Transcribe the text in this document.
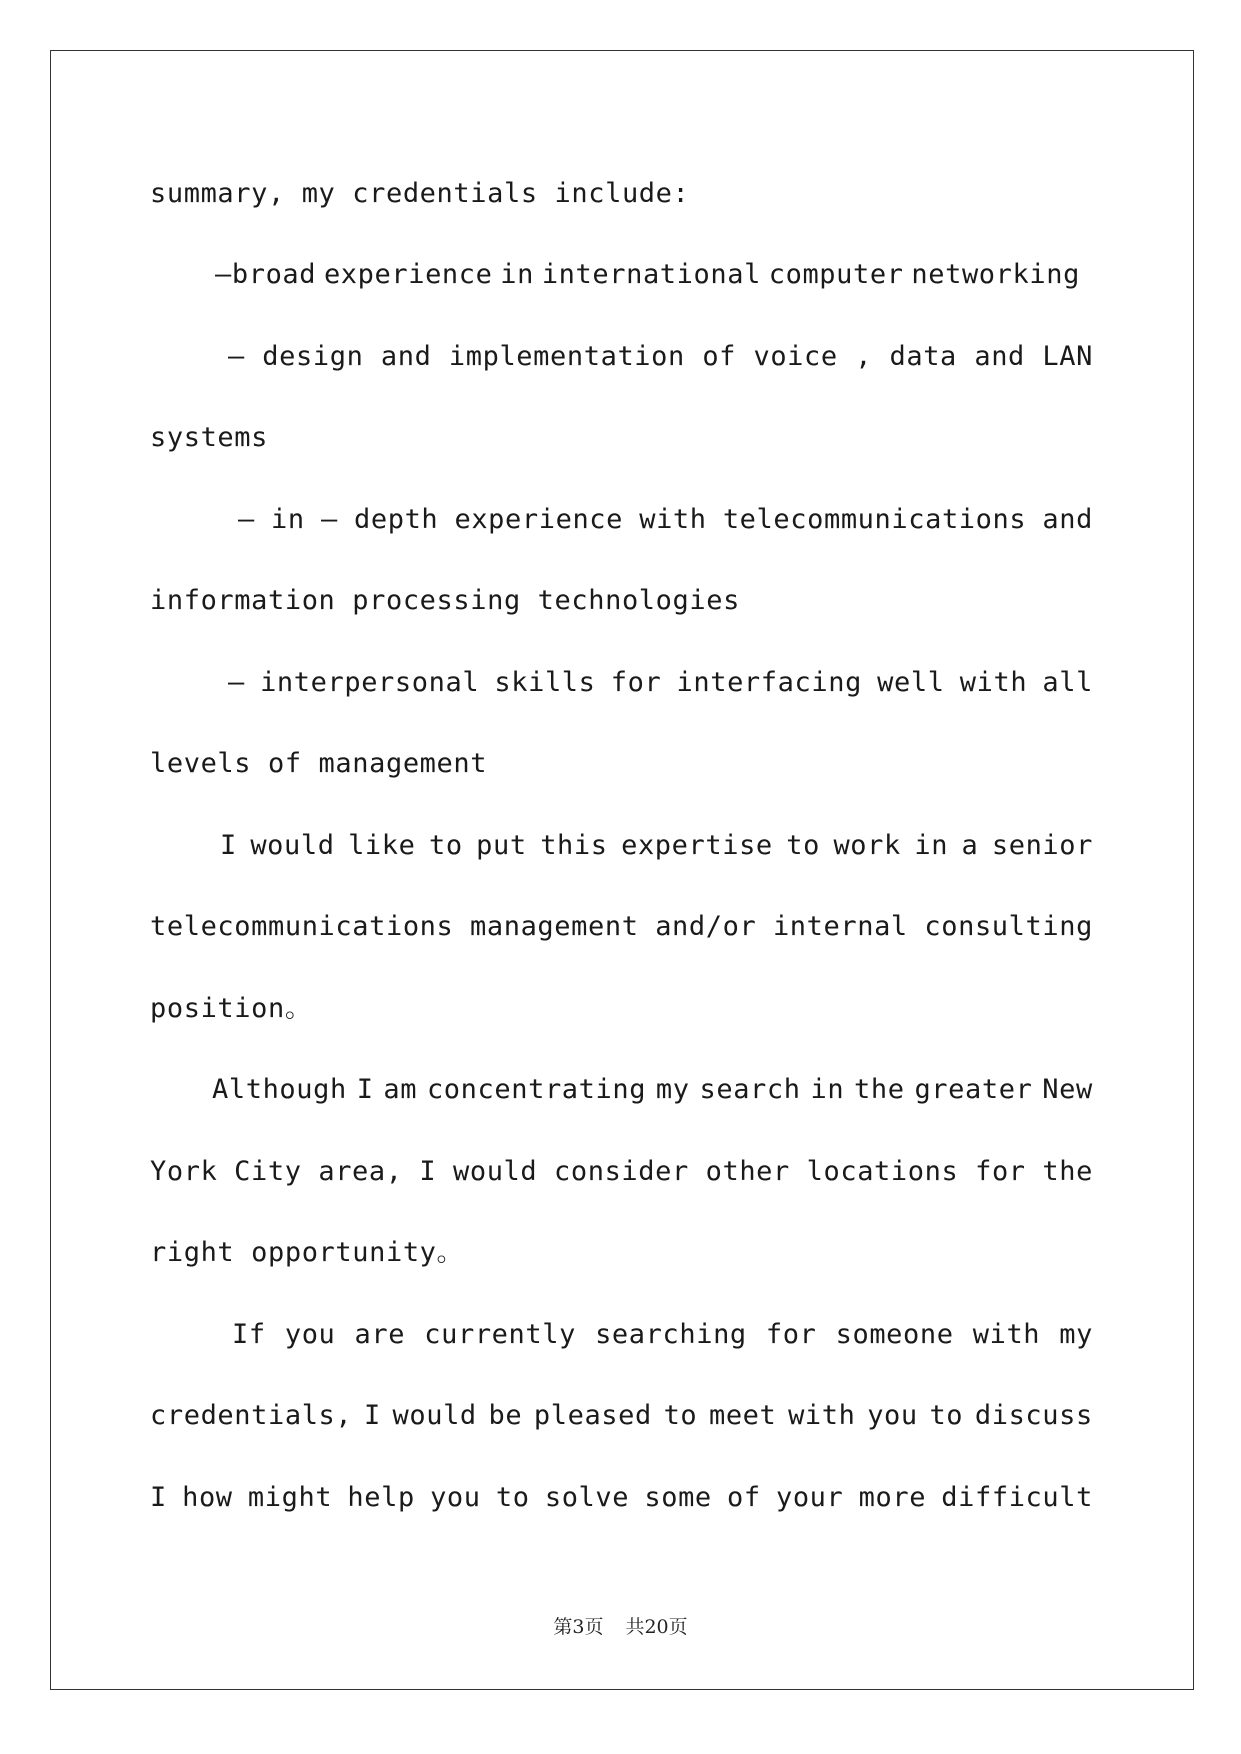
summary, my credentials include:
—broad experience in international computer networking
— design and implementation of voice , data and LAN
systems
— in — depth experience with telecommunications and
information processing technologies
— interpersonal skills for interfacing well with all
levels of management
I would like to put this expertise to work in a senior
telecommunications management and/or internal consulting
position。
Although I am concentrating my search in the greater New
York City area, I would consider other locations for the
right opportunity。
If you are currently searching for someone with my
credentials, I would be pleased to meet with you to discuss
I how might help you to solve some of your more difficult
第3页 共20页
